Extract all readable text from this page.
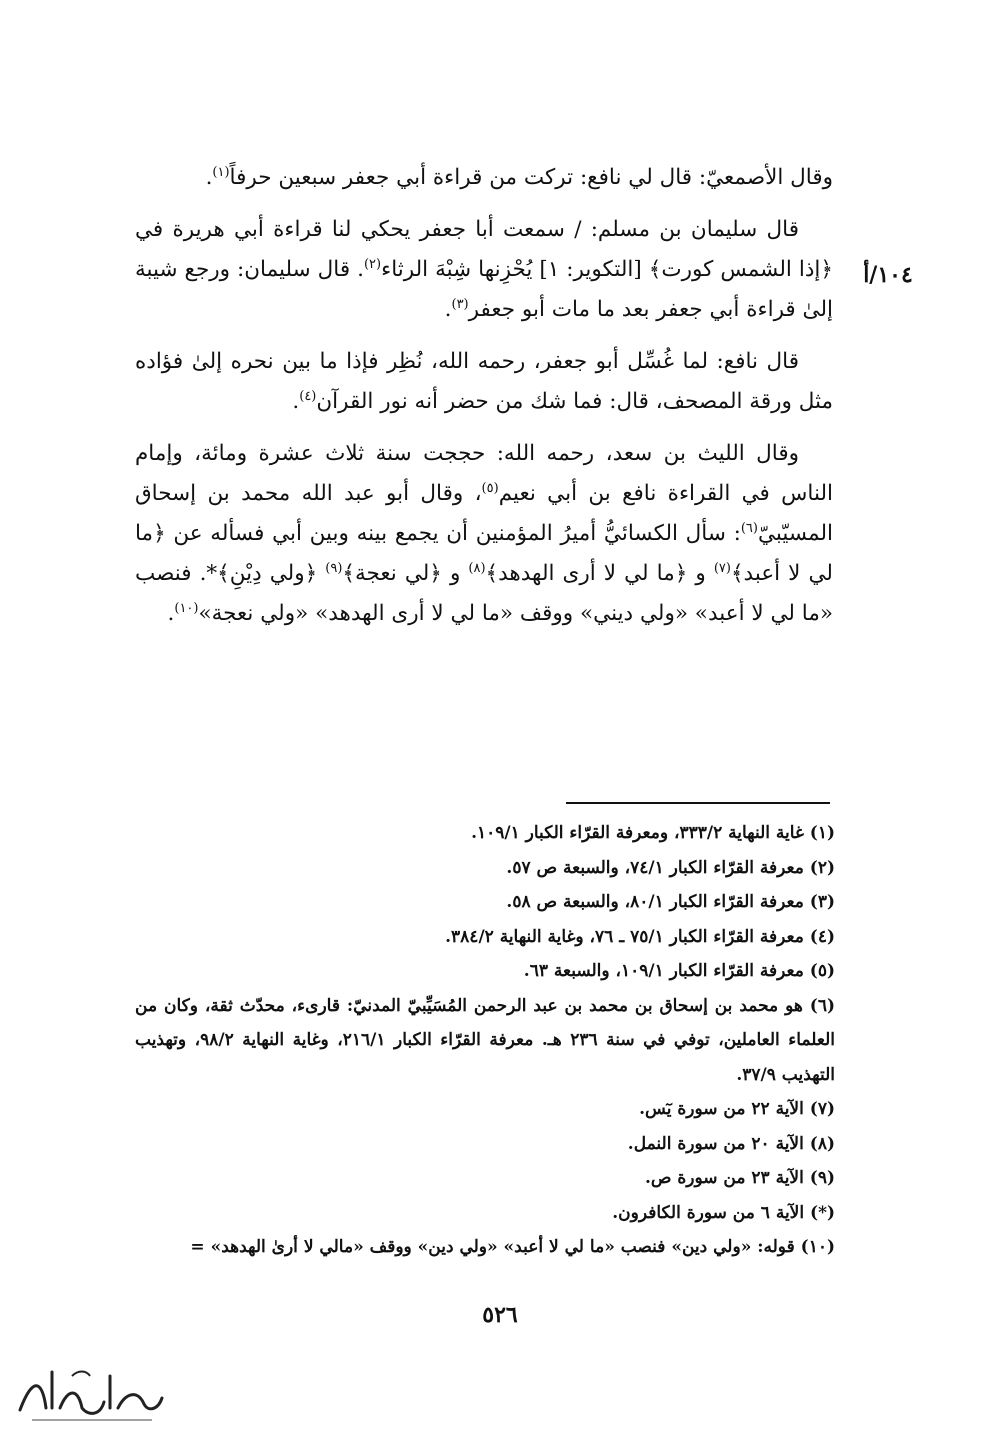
١٠٤/أ

وقال الأصمعيّ: قال لي نافع: تركت من قراءة أبي جعفر سبعين حرفاً$^{(١)}$.

قال سليمان بن مسلم: / سمعت أبا جعفر يحكي لنا قراءة أبي هريرة في ﴿إذا الشمس كورت﴾ [التكوير: ١] يُحْزِنها شِبْهَ الرثاء$^{(٢)}$. قال سليمان: ورجع شيبة إلىٰ قراءة أبي جعفر بعد ما مات أبو جعفر$^{(٣)}$.

قال نافع: لما غُسِّل أبو جعفر، رحمه الله، نُظِر فإذا ما بين نحره إلىٰ فؤاده مثل ورقة المصحف، قال: فما شك من حضر أنه نور القرآن$^{(٤)}$.

وقال الليث بن سعد، رحمه الله: حججت سنة ثلاث عشرة ومائة، وإمام الناس في القراءة نافع بن أبي نعيم$^{(٥)}$، وقال أبو عبد الله محمد بن إسحاق المسيّبيّ$^{(٦)}$: سأل الكسائيُّ أميرُ المؤمنين أن يجمع بينه وبين أبي فسأله عن ﴿ما لي لا أعبد﴾$^{(٧)}$ و ﴿ما لي لا أرى الهدهد﴾$^{(٨)}$ و ﴿لي نعجة﴾$^{(٩)}$ ﴿ولي دِيْنِ﴾*. فنصب «ما لي لا أعبد» «ولي ديني» ووقف «ما لي لا أرى الهدهد» «ولي نعجة»$^{(١٠)}$.

(١) غاية النهاية ٣٣٣/٢، ومعرفة القرّاء الكبار ١٠٩/١.

(٢) معرفة القرّاء الكبار ٧٤/١، والسبعة ص ٥٧.

(٣) معرفة القرّاء الكبار ٨٠/١، والسبعة ص ٥٨.

(٤) معرفة القرّاء الكبار ٧٥/١ ـ ٧٦، وغاية النهاية ٣٨٤/٢.

(٥) معرفة القرّاء الكبار ١٠٩/١، والسبعة ٦٣.

(٦) هو محمد بن إسحاق بن محمد بن عبد الرحمن المُسَيِّبيّ المدنيّ: قارىء، محدّث ثقة، وكان من العلماء العاملين، توفي في سنة ٢٣٦ هـ. معرفة القرّاء الكبار ٢١٦/١، وغاية النهاية ٩٨/٢، وتهذيب التهذيب ٣٧/٩.

(٧) الآية ٢٢ من سورة يٓس.

(٨) الآية ٢٠ من سورة النمل.

(٩) الآية ٢٣ من سورة ص.

(*) الآية ٦ من سورة الكافرون.

(١٠) قوله: «ولي دين» فنصب «ما لي لا أعبد» «ولي دين» ووقف «مالي لا أرىٰ الهدهد» =

٥٢٦
